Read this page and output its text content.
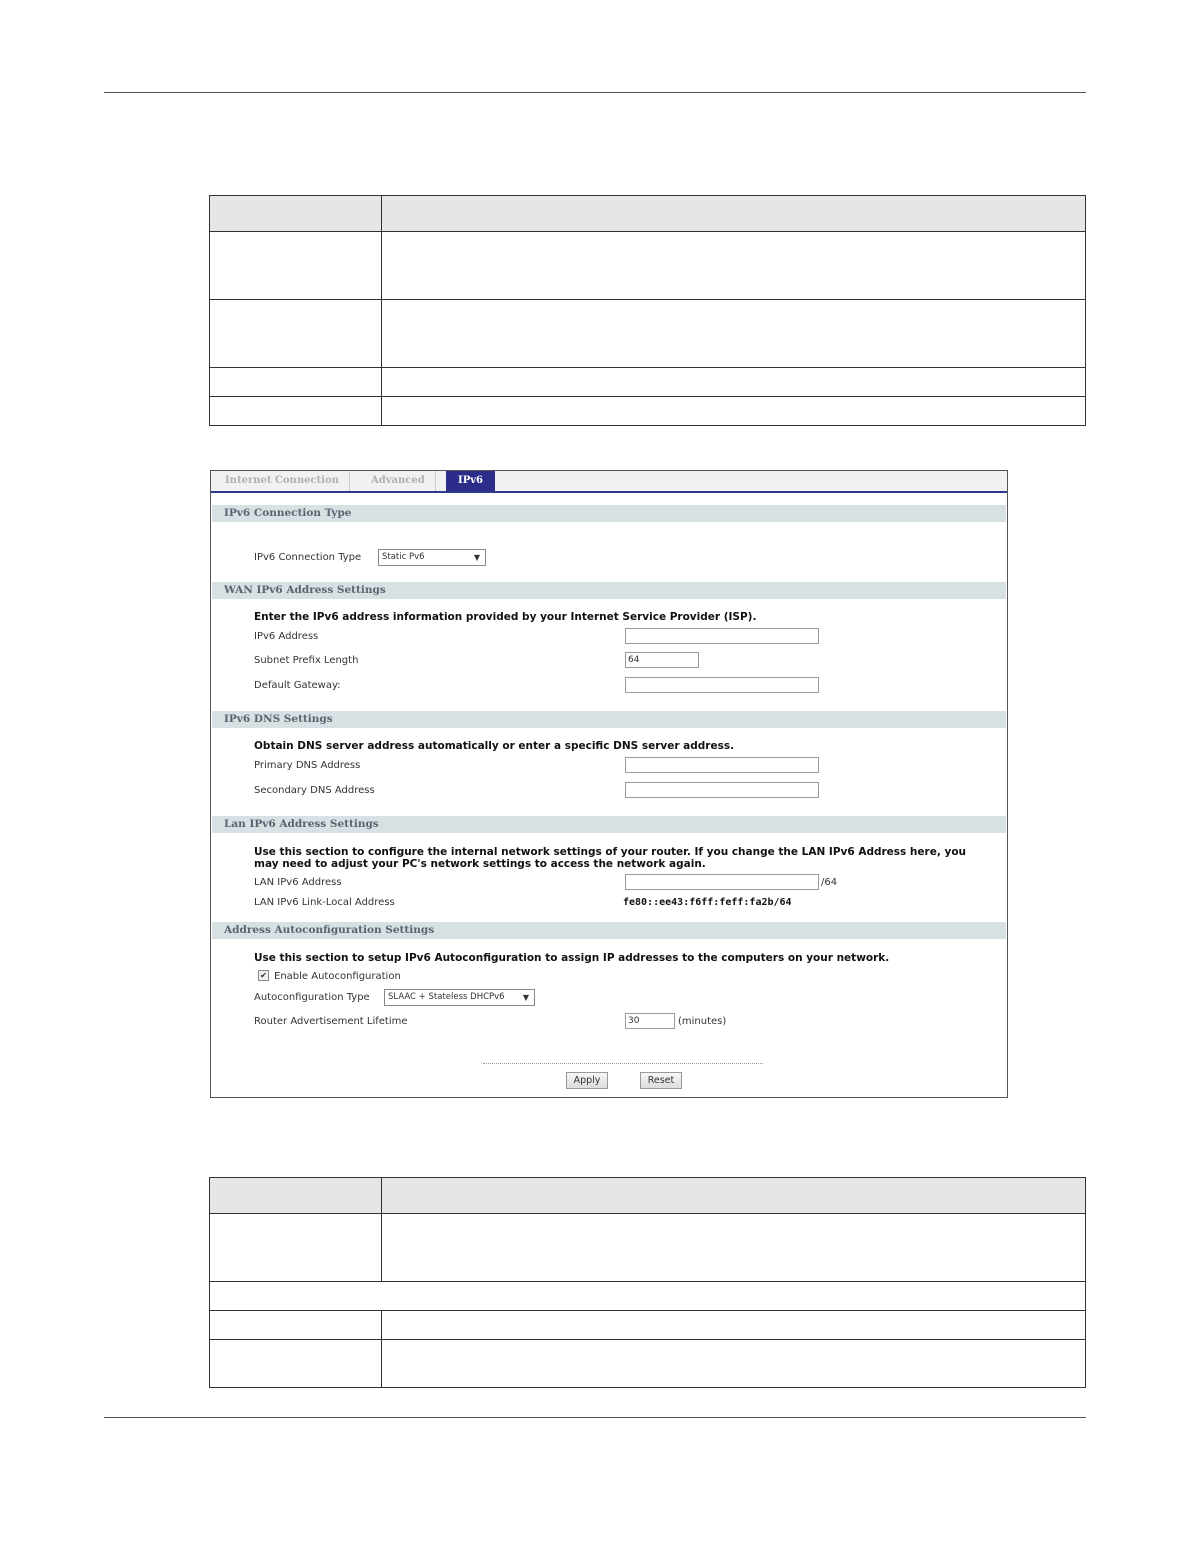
Internet Connection	Advanced	IPv6
IPv6 Connection Type
IPv6 Connection Type	Static Pv6	▼
WAN IPv6 Address Settings
Enter the IPv6 address information provided by your Internet Service Provider (ISP).
IPv6 Address
Subnet Prefix Length	64
Default Gateway:
IPv6 DNS Settings
Obtain DNS server address automatically or enter a specific DNS server address.
Primary DNS Address
Secondary DNS Address
Lan IPv6 Address Settings
Use this section to configure the internal network settings of your router. If you change the LAN IPv6 Address here, you
may need to adjust your PC's network settings to access the network again.
LAN IPv6 Address	/64
LAN IPv6 Link-Local Address	fe80::ee43:f6ff:feff:fa2b/64
Address Autoconfiguration Settings
Use this section to setup IPv6 Autoconfiguration to assign IP addresses to the computers on your network.
✔ Enable Autoconfiguration
Autoconfiguration Type	SLAAC + Stateless DHCPv6 ▼
Router Advertisement Lifetime	30	(minutes)
Apply	Reset
